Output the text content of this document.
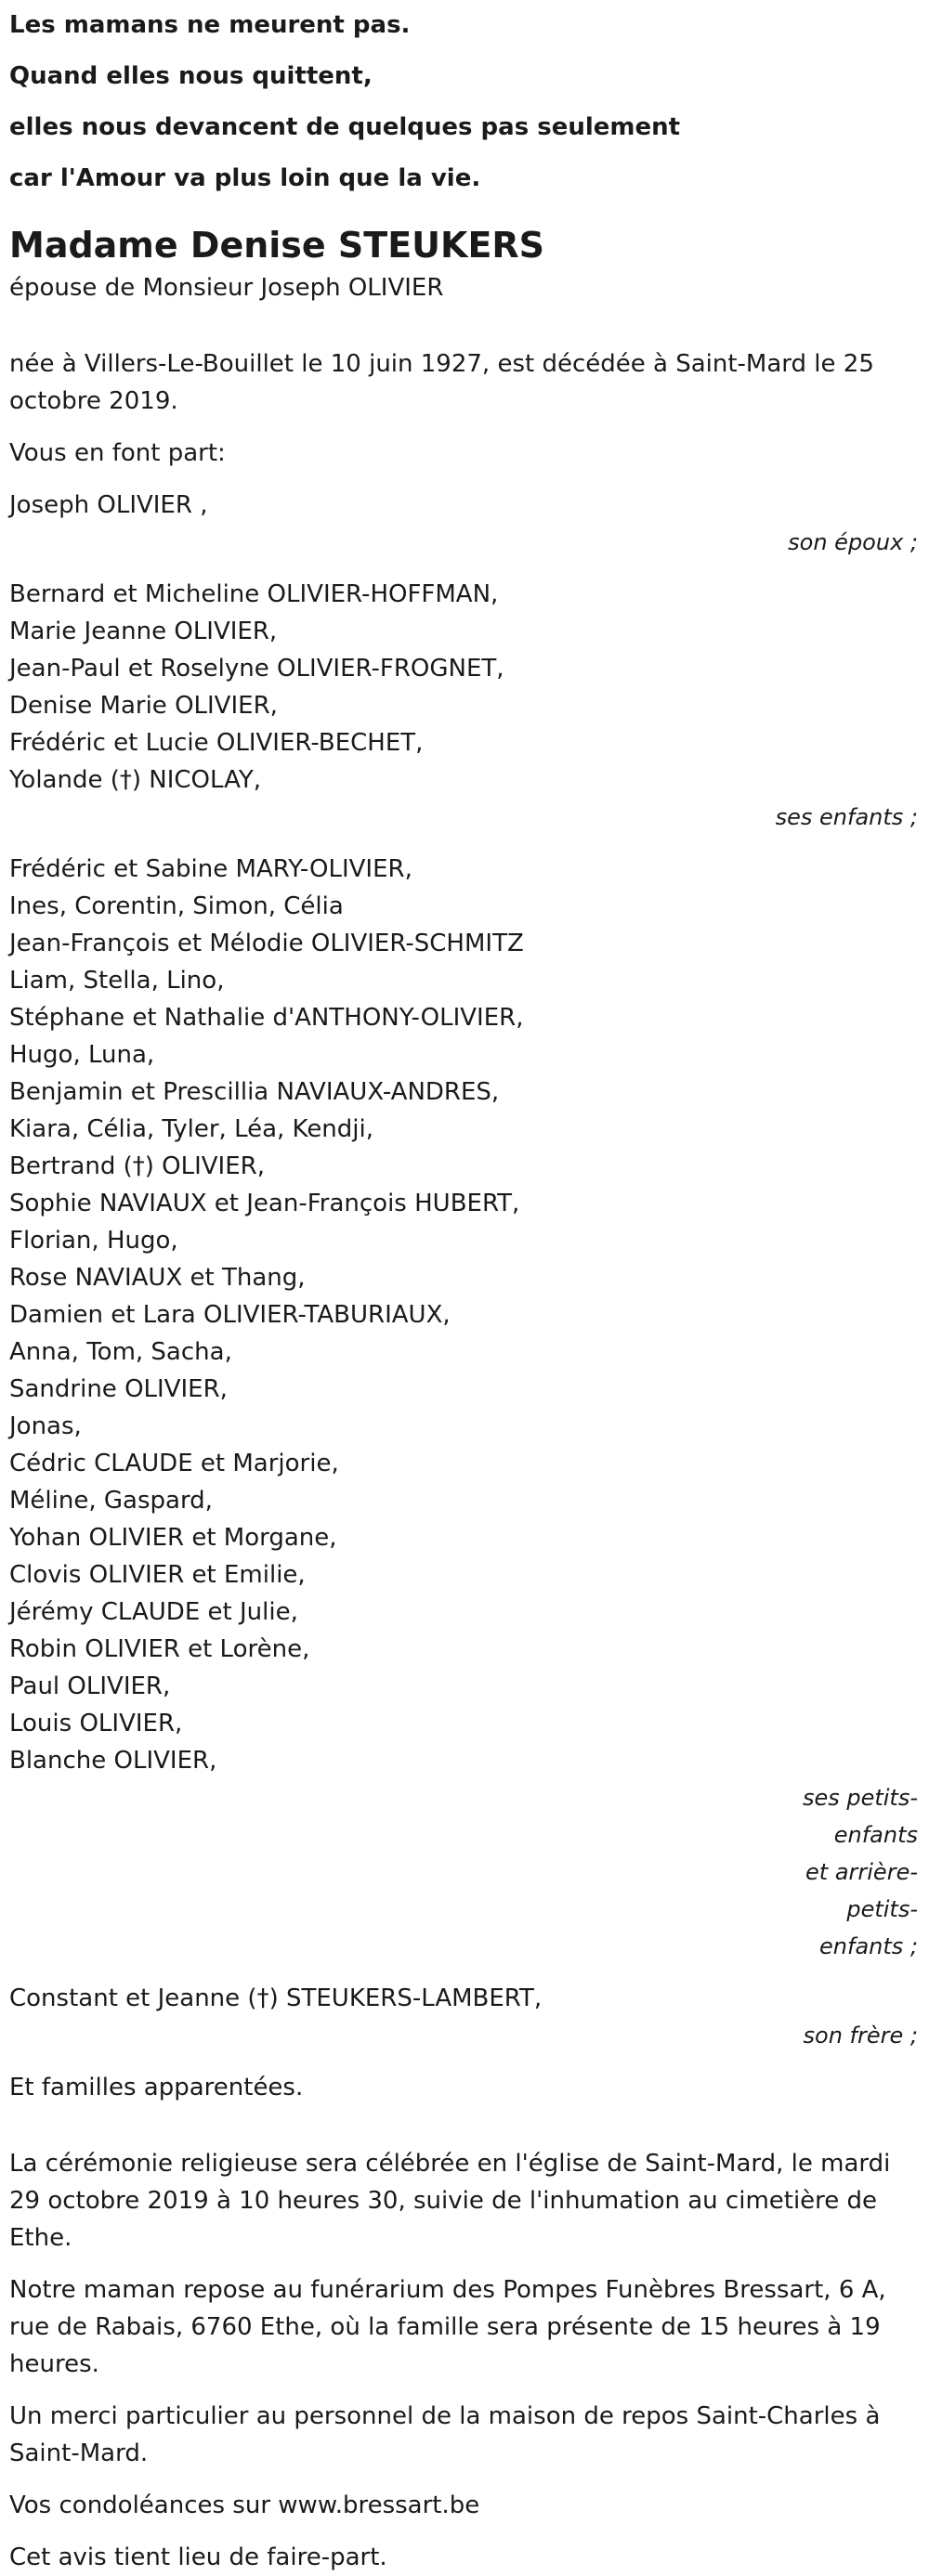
Les mamans ne meurent pas.

Quand elles nous quittent,

elles nous devancent de quelques pas seulement

car l'Amour va plus loin que la vie.

Madame Denise STEUKERS

épouse de Monsieur Joseph OLIVIER

née à Villers-Le-Bouillet le 10 juin 1927, est décédée à Saint-Mard le 25 octobre 2019.

Vous en font part:

Joseph OLIVIER ,

son époux ;

Bernard et Micheline OLIVIER-HOFFMAN,

Marie Jeanne OLIVIER,

Jean-Paul et Roselyne OLIVIER-FROGNET,

Denise Marie OLIVIER,

Frédéric et Lucie OLIVIER-BECHET,

Yolande (†) NICOLAY,

ses enfants ;

Frédéric et Sabine MARY-OLIVIER,

Ines, Corentin, Simon, Célia

Jean-François et Mélodie OLIVIER-SCHMITZ

Liam, Stella, Lino,

Stéphane et Nathalie d'ANTHONY-OLIVIER,

Hugo, Luna,

Benjamin et Prescillia NAVIAUX-ANDRES,

Kiara, Célia, Tyler, Léa, Kendji,

Bertrand (†) OLIVIER,

Sophie NAVIAUX et Jean-François HUBERT,

Florian, Hugo,

Rose NAVIAUX et Thang,

Damien et Lara OLIVIER-TABURIAUX,

Anna, Tom, Sacha,

Sandrine OLIVIER,

Jonas,

Cédric CLAUDE et Marjorie,

Méline, Gaspard,

Yohan OLIVIER et Morgane,

Clovis OLIVIER et Emilie,

Jérémy CLAUDE et Julie,

Robin OLIVIER et Lorène,

Paul OLIVIER,

Louis OLIVIER,

Blanche OLIVIER,

ses petits-enfants
et arrière-petits-
enfants ;

Constant et Jeanne (†) STEUKERS-LAMBERT,

son frère ;

Et familles apparentées.

La cérémonie religieuse sera célébrée en l'église de Saint-Mard, le mardi 29 octobre 2019 à 10 heures 30, suivie de l'inhumation au cimetière de Ethe.

Notre maman repose au funérarium des Pompes Funèbres Bressart, 6 A, rue de Rabais, 6760 Ethe, où la famille sera présente de 15 heures à 19 heures.

Un merci particulier au personnel de la maison de repos Saint-Charles à Saint-Mard.

Vos condoléances sur www.bressart.be

Cet avis tient lieu de faire-part.
